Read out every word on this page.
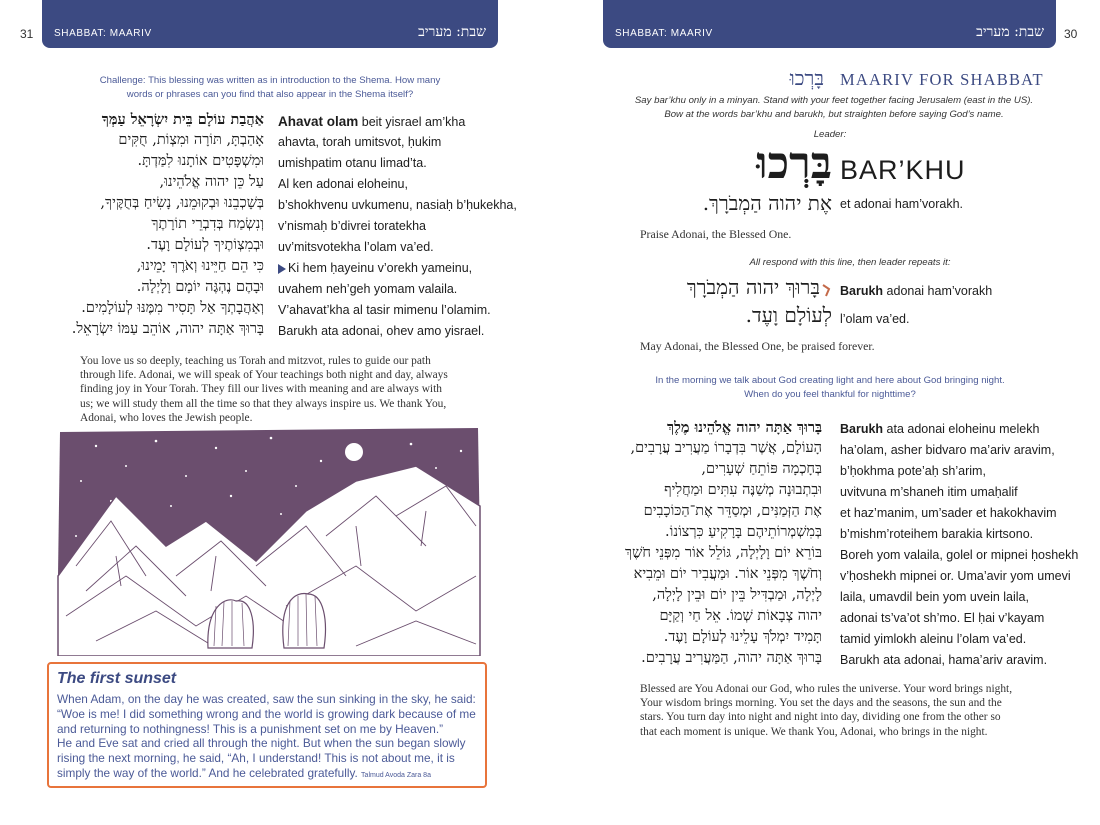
31 SHABBAT: MAARIV	שבת: מעריב
Challenge: This blessing was written as in introduction to the Shema. How many
words or phrases can you find that also appear in the Shema itself?
אַהֲבַת עוֹלָם בֵּית יִשְׂרָאֵל עַמְּךָ
אָהַבְתָּ, תּוֹרָה וּמִצְוֹת, חֻקִּים
וּמִשְׁפָּטִים אוֹתָנוּ לִמַּדְתָּ.
עַל כֵּן יהוה אֱלֹהֵינוּ,
בְּשָׁכְבֵנוּ וּבְקוּמֵנוּ, נָשִׂיחַ בְּחֻקֶּיךָ,
וְנִשְׂמַח בְּדִבְרֵי תוֹרָתֶךָ
וּבְמִצְוֹתֶיךָ לְעוֹלָם וָעֶד.
כִּי הֵם חַיֵּינוּ וְאֹרֶךְ יָמֵינוּ,
וּבָהֶם נֶהְגֶּה יוֹמָם וָלָיְלָה.
וְאַהֲבָתְךָ אַל תָּסִיר מִמֶּנּוּ לְעוֹלָמִים.
בָּרוּךְ אַתָּה יהוה, אוֹהֵב עַמּוֹ יִשְׂרָאֵל.
Ahavat olam beit yisrael am’kha
ahavta, torah umitsvot, ḥukim
umishpatim otanu limad’ta.
Al ken adonai eloheinu,
b’shokhvenu uvkumenu, nasiaḥ b’ḥukekha,
v’nismaḥ b’divrei toratekha
uv’mitsvotekha l’olam va’ed.
Ki hem ḥayeinu v’orekh yameinu,
uvahem neh’geh yomam valaila.
V’ahavat’kha al tasir mimenu l’olamim.
Barukh ata adonai, ohev amo yisrael.
You love us so deeply, teaching us Torah and mitzvot, rules to guide our path
through life. Adonai, we will speak of Your teachings both night and day, always
finding joy in Your Torah. They fill our lives with meaning and are always with
us; we will study them all the time so that they always inspire us. We thank You,
Adonai, who loves the Jewish people.
The first sunset
When Adam, on the day he was created, saw the sun sinking in the sky, he said:
“Woe is me! I did something wrong and the world is growing dark because of me
and returning to nothingness! This is a punishment set on me by Heaven.”
He and Eve sat and cried all through the night. But when the sun began slowly
rising the next morning, he said, “Ah, I understand! This is not about me, it is
simply the way of the world.” And he celebrated gratefully. Talmud Avoda Zara 8a
SHABBAT: MAARIV	שבת: מעריב 30
בָּרְכוּ MAARIV FOR SHABBAT
Say bar’khu only in a minyan. Stand with your feet together facing Jerusalem (east in the US).
Bow at the words bar’khu and barukh, but straighten before saying God’s name.
Leader:
בָּרְכוּ BAR’KHU
אֶת יהוה הַמְבֹרָךְ. et adonai ham’vorakh.
Praise Adonai, the Blessed One.
All respond with this line, then leader repeats it:
בָּרוּךְ יהוה הַמְבֹרָךְ
לְעוֹלָם וָעֶד.
Barukh adonai ham’vorakh
l’olam va’ed.
May Adonai, the Blessed One, be praised forever.
In the morning we talk about God creating light and here about God bringing night.
When do you feel thankful for nighttime?
בָּרוּךְ אַתָּה יהוה אֱלֹהֵינוּ מֶלֶךְ
הָעוֹלָם, אֲשֶׁר בִּדְבָרוֹ מַעֲרִיב עֲרָבִים,
בְּחָכְמָה פּוֹתֵחַ שְׁעָרִים,
וּבִתְבוּנָה מְשַׁנֶּה עִתִּים וּמַחֲלִיף
אֶת הַזְּמַנִּים, וּמְסַדֵּר אֶת־הַכּוֹכָבִים
בְּמִשְׁמְרוֹתֵיהֶם בָּרָקִיעַ כִּרְצוֹנוֹ.
בּוֹרֵא יוֹם וָלָיְלָה, גּוֹלֵל אוֹר מִפְּנֵי חֹשֶׁךְ
וְחֹשֶׁךְ מִפְּנֵי אוֹר. וּמַעֲבִיר יוֹם וּמֵבִיא
לָיְלָה, וּמַבְדִּיל בֵּין יוֹם וּבֵין לָיְלָה,
יהוה צְבָאוֹת שְׁמוֹ. אֵל חַי וְקַיָּם
תָּמִיד יִמְלֹךְ עָלֵינוּ לְעוֹלָם וָעֶד.
בָּרוּךְ אַתָּה יהוה, הַמַּעֲרִיב עֲרָבִים.
Barukh ata adonai eloheinu melekh
ha’olam, asher bidvaro ma’ariv aravim,
b’ḥokhma pote’aḥ sh’arim,
uvitvuna m’shaneh itim umaḥalif
et haz’manim, um’sader et hakokhavim
b’mishm’roteihem barakia kirtsono.
Boreh yom valaila, golel or mipnei ḥoshekh
v’ḥoshekh mipnei or. Uma’avir yom umevi
laila, umavdil bein yom uvein laila,
adonai ts’va’ot sh’mo. El ḥai v’kayam
tamid yimlokh aleinu l’olam va’ed.
Barukh ata adonai, hama’ariv aravim.
Blessed are You Adonai our God, who rules the universe. Your word brings night,
Your wisdom brings morning. You set the days and the seasons, the sun and the
stars. You turn day into night and night into day, dividing one from the other so
that each moment is unique. We thank You, Adonai, who brings in the night.
